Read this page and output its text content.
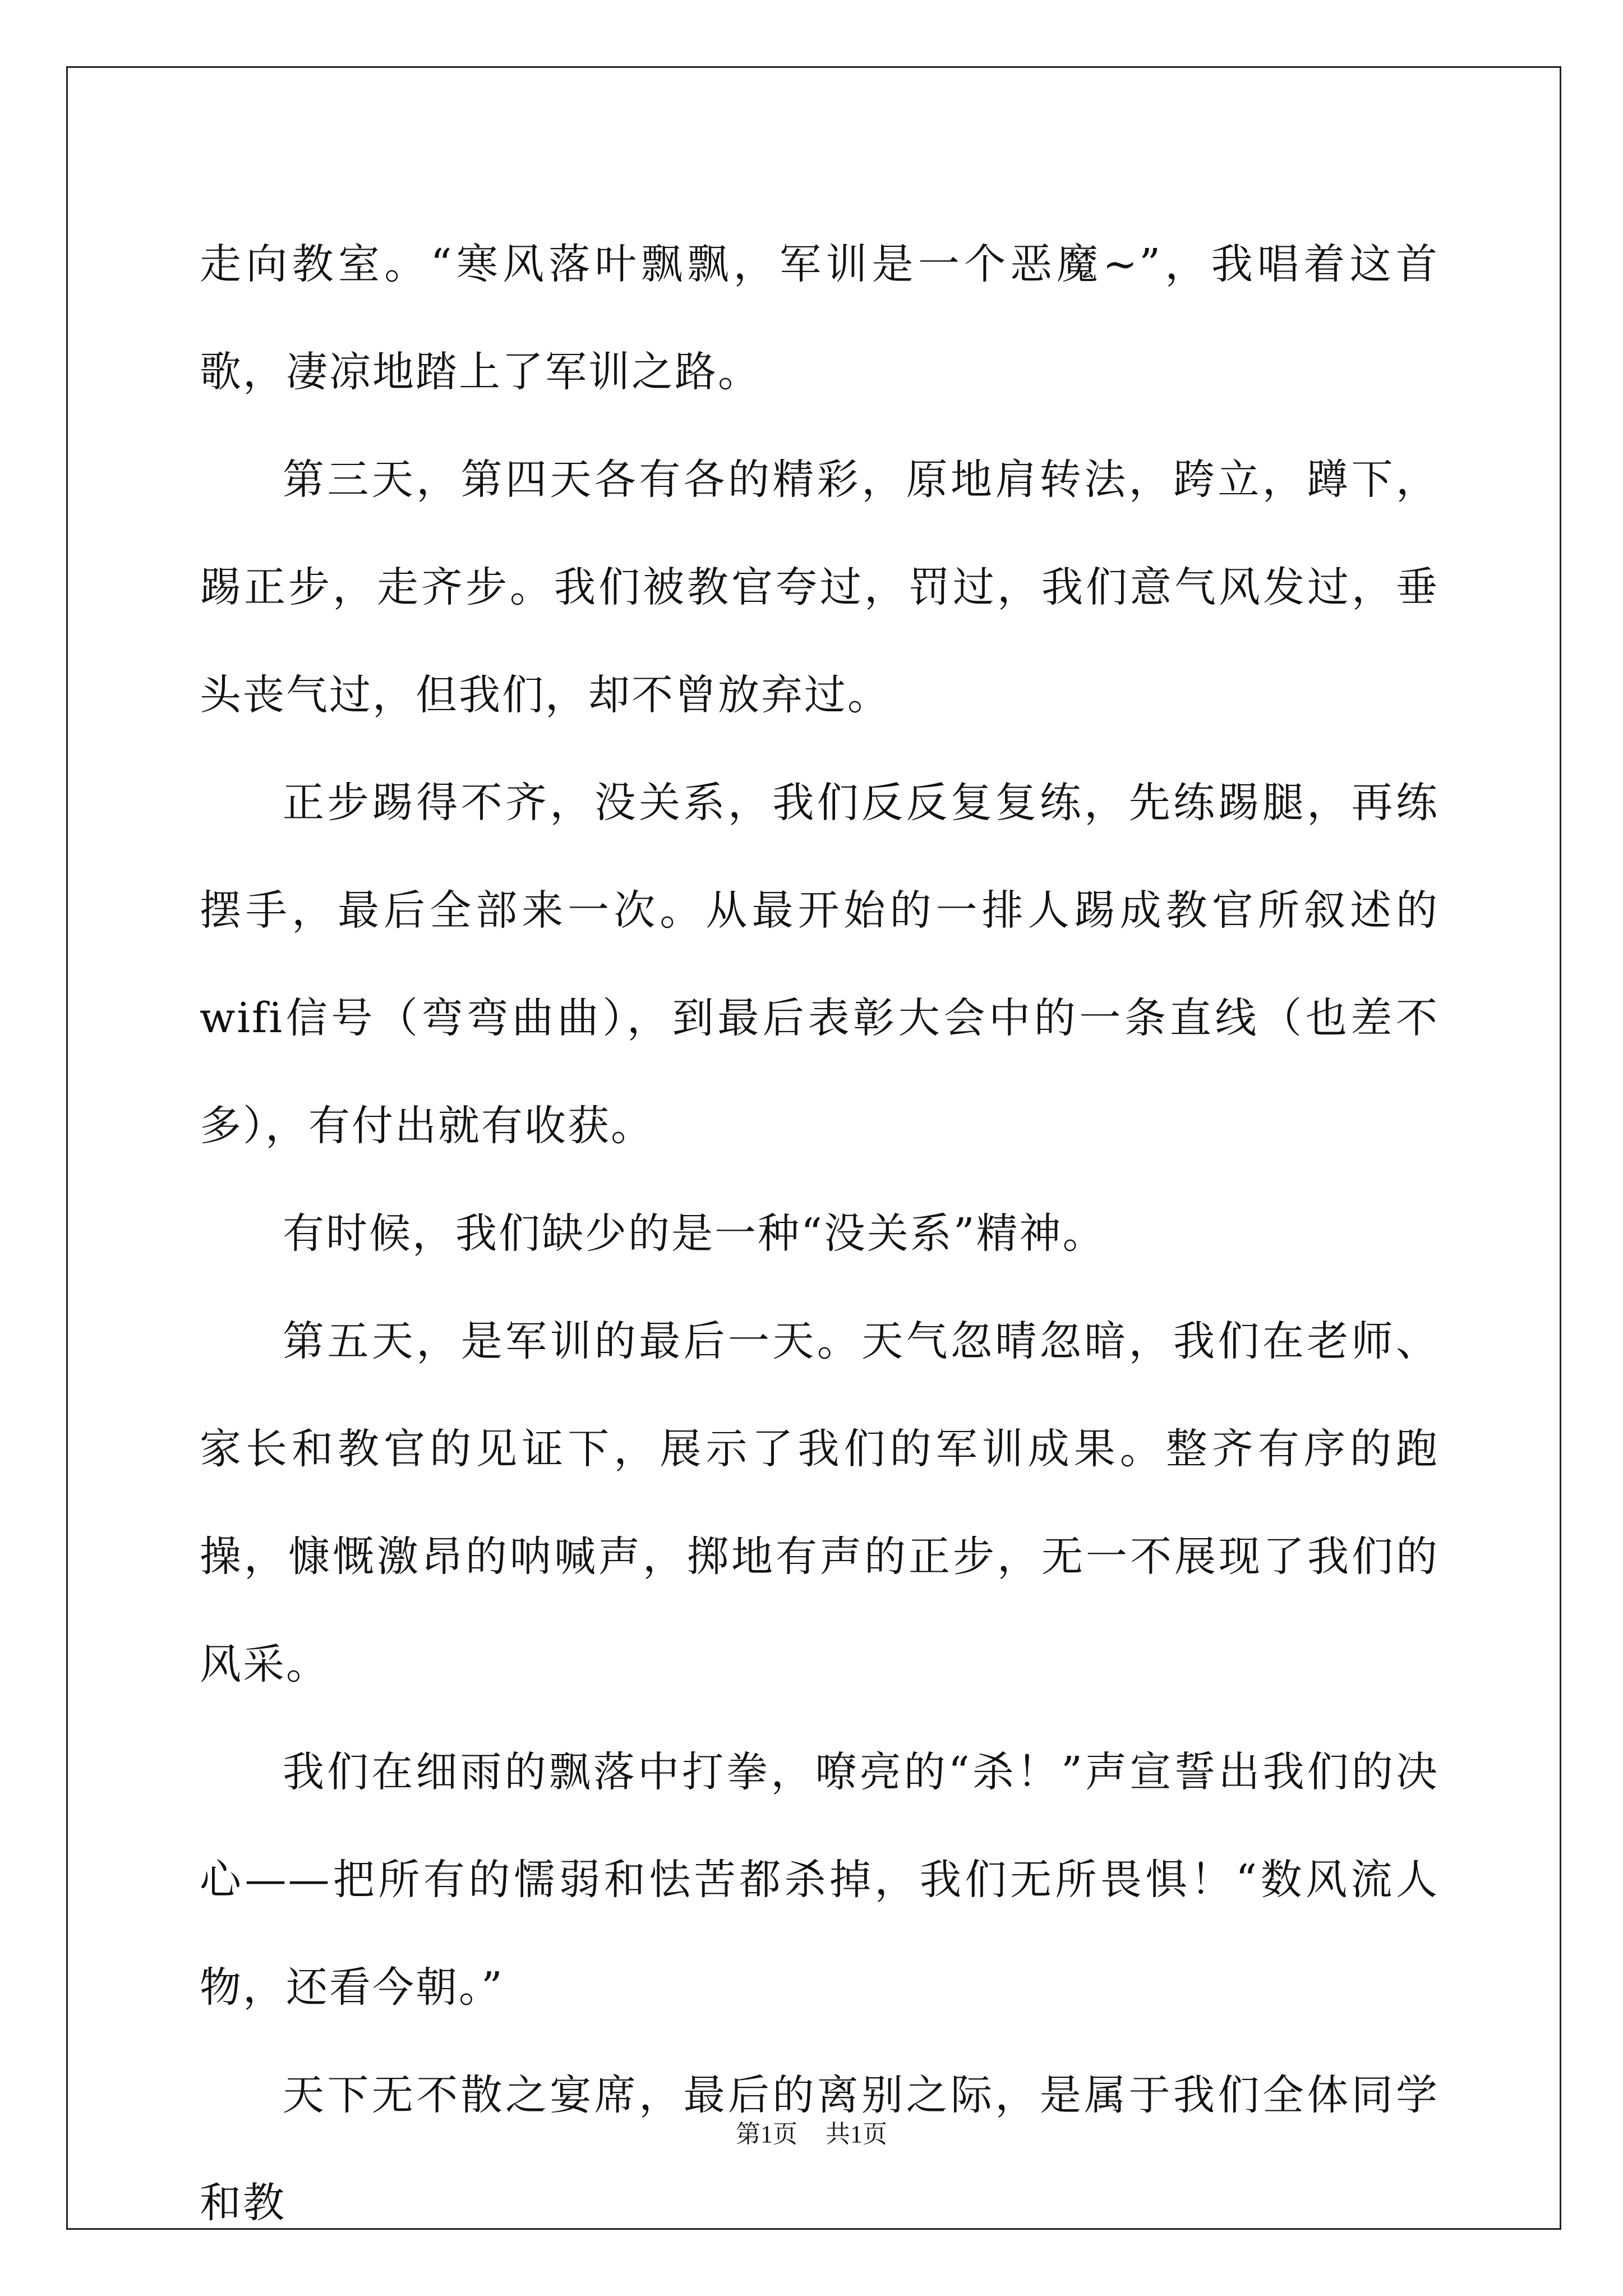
走向教室。“寒风落叶飘飘，军训是一个恶魔~”，我唱着这首歌，凄凉地踏上了军训之路。

第三天，第四天各有各的精彩，原地肩转法，跨立，蹲下，踢正步，走齐步。我们被教官夸过，罚过，我们意气风发过，垂头丧气过，但我们，却不曾放弃过。

正步踢得不齐，没关系，我们反反复复练，先练踢腿，再练摆手，最后全部来一次。从最开始的一排人踢成教官所叙述的wifi信号（弯弯曲曲），到最后表彰大会中的一条直线（也差不多），有付出就有收获。

有时候，我们缺少的是一种“没关系”精神。

第五天，是军训的最后一天。天气忽晴忽暗，我们在老师、家长和教官的见证下，展示了我们的军训成果。整齐有序的跑操，慷慨激昂的呐喊声，掷地有声的正步，无一不展现了我们的风采。

我们在细雨的飘落中打拳，嘹亮的“杀！”声宣誓出我们的决心——把所有的懦弱和怯苦都杀掉，我们无所畏惧！“数风流人物，还看今朝。”

天下无不散之宴席，最后的离别之际，是属于我们全体同学和教

第1页 共1页
